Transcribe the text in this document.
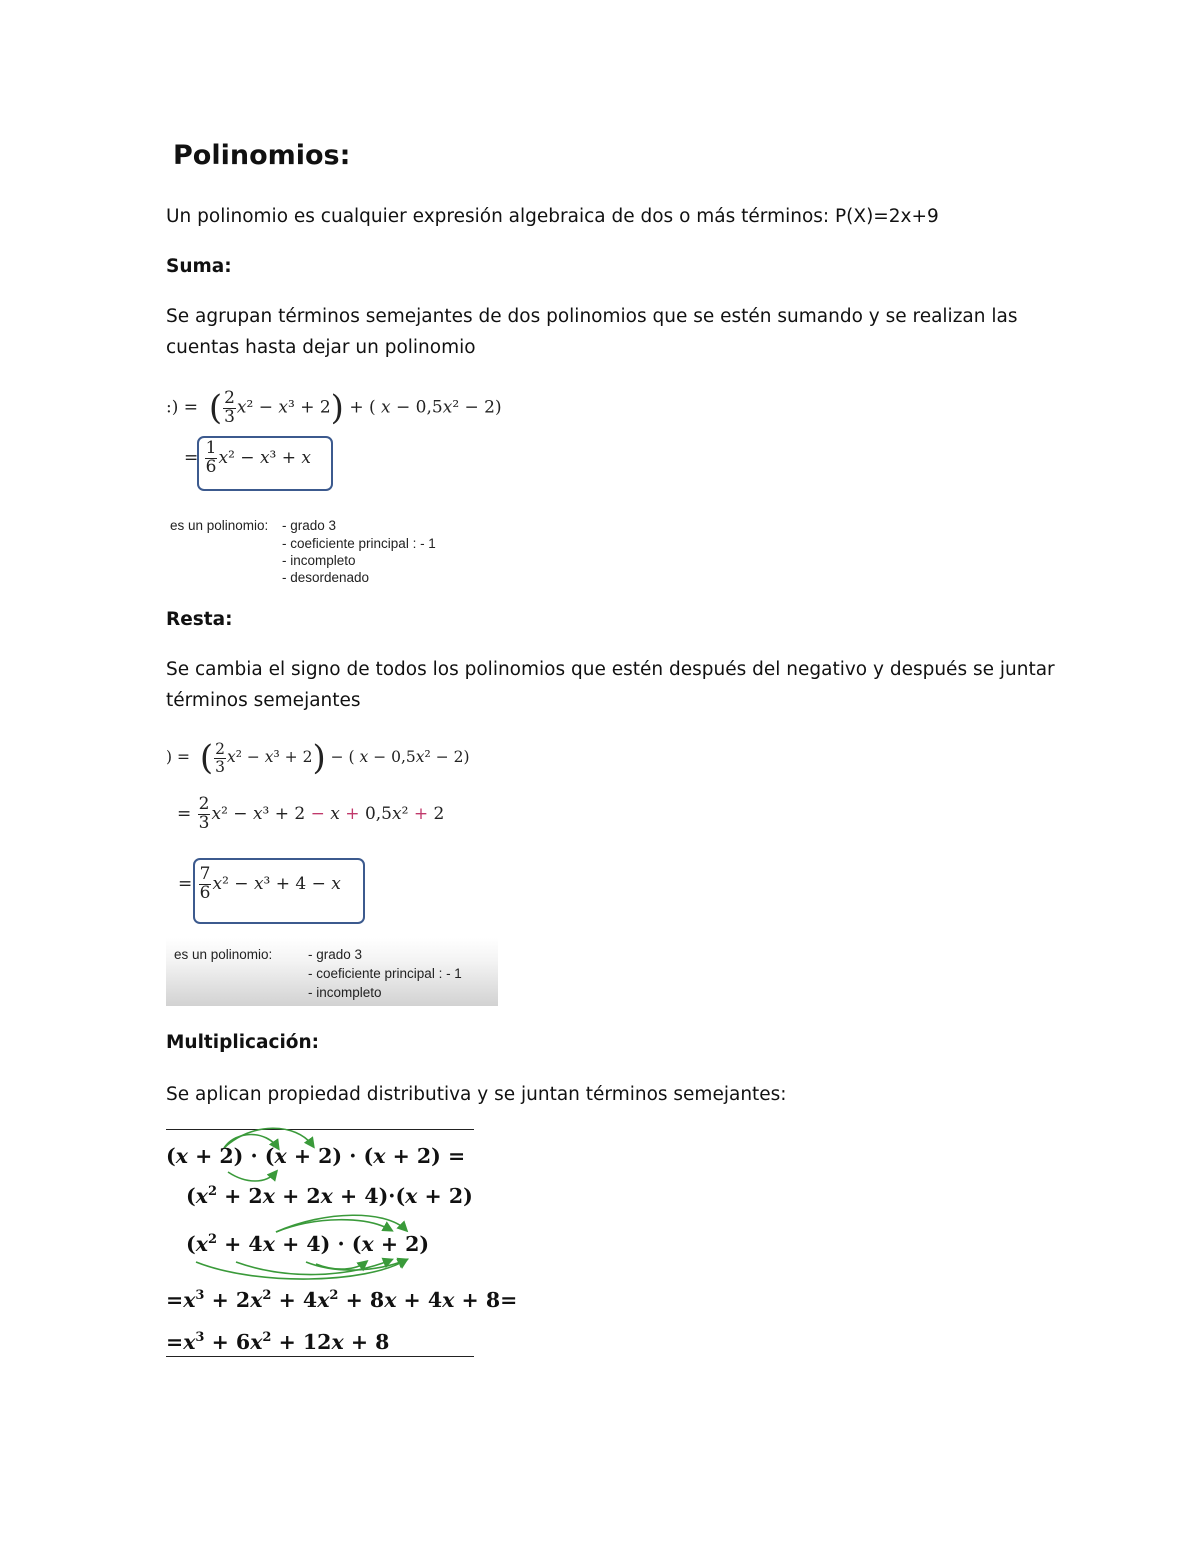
Polinomios:
Un polinomio es cualquier expresión algebraica de dos o más términos: P(X)=2x+9
Suma:
Se agrupan términos semejantes de dos polinomios que se estén sumando y se realizan las
cuentas hasta dejar un polinomio
:) =  ( $\frac{2}{3} x^2 - x^3 + 2$) + ( x − 0,5x² − 2)
= $\frac{1}{6} x^2 - x^3 + x$
es un polinomio: - grado 3
- coeficiente principal : - 1
- incompleto
- desordenado
Resta:
Se cambia el signo de todos los polinomios que estén después del negativo y después se juntar
términos semejantes
) =  ( $\frac{2}{3} x^2 - x^3 + 2$) − ( x − 0,5x² − 2)
= $\frac{2}{3} x^2 - x^3 + 2 - x + 0,5x^2 + 2$
= $\frac{7}{6} x^2 - x^3 + 4 - x$
es un polinomio:	- grado 3
- coeficiente principal : - 1
- incompleto
Multiplicación:
Se aplican propiedad distributiva y se juntan términos semejantes:
(x + 2) · (x + 2) · (x + 2) =
$(x^2 + 2x + 2x + 4)\cdot(x + 2)$
$(x^2 + 4x + 4) \cdot (x + 2)$
$=x^3 + 2x^2 + 4x^2 + 8x + 4x + 8=$
$=x^3 + 6x^2 + 12x + 8$
